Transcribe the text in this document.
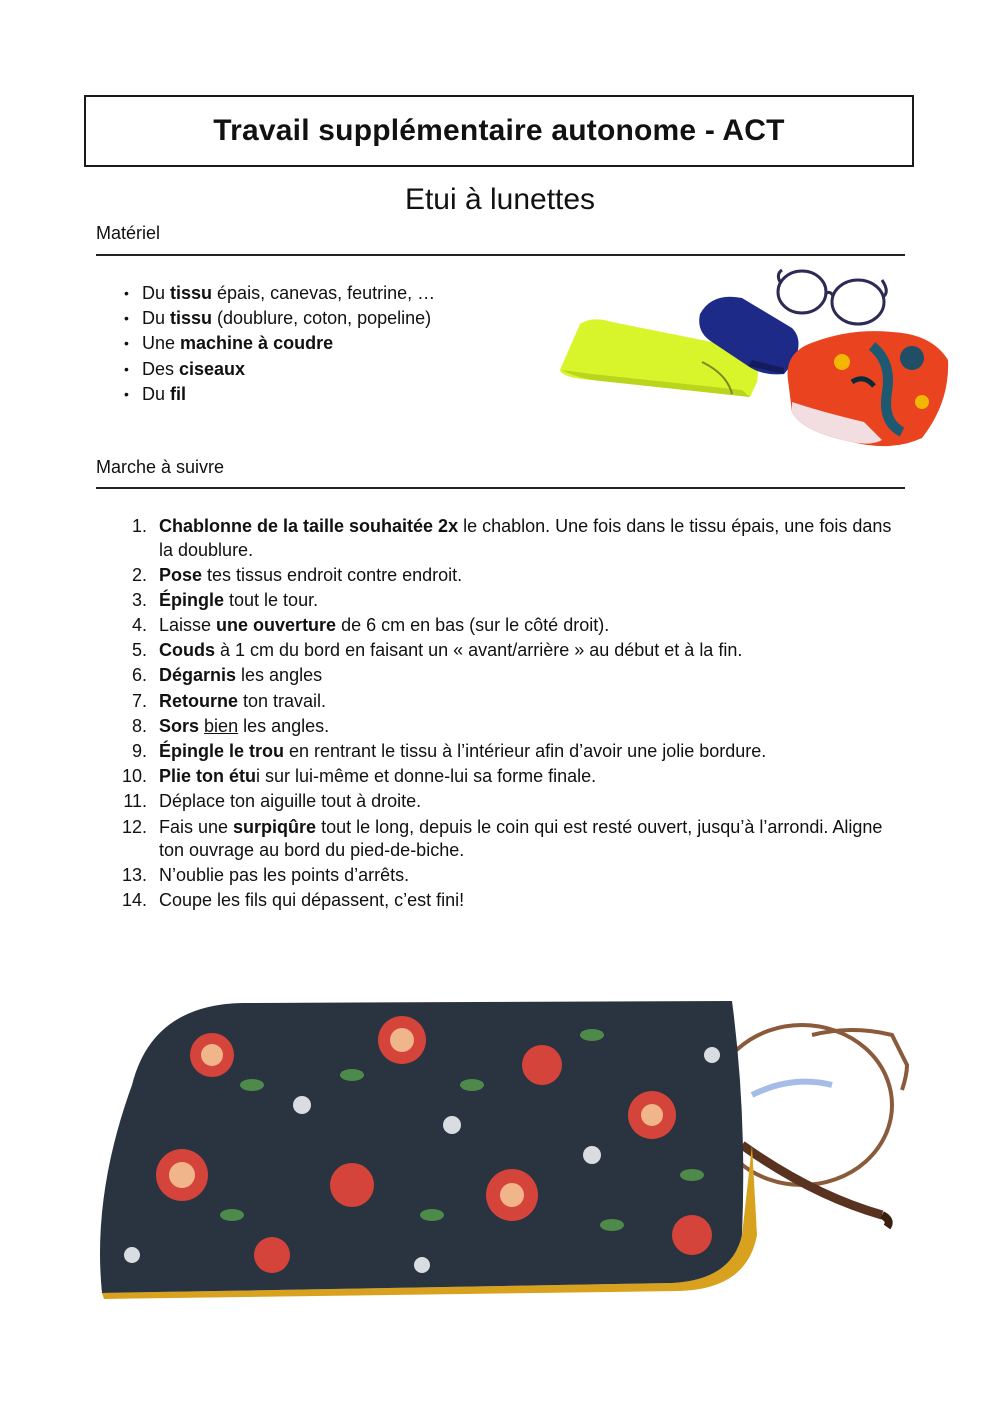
Travail supplémentaire autonome - ACT
Etui à lunettes

Matériel

• Du tissu épais, canevas, feutrine, …
• Du tissu (doublure, coton, popeline)
• Une machine à coudre
• Des ciseaux
• Du fil

Marche à suivre

1. Chablonne de la taille souhaitée 2x le chablon. Une fois dans le tissu épais, une fois dans la doublure.
2. Pose tes tissus endroit contre endroit.
3. Épingle tout le tour.
4. Laisse une ouverture de 6 cm en bas (sur le côté droit).
5. Couds à 1 cm du bord en faisant un « avant/arrière » au début et à la fin.
6. Dégarnis les angles
7. Retourne ton travail.
8. Sors bien les angles.
9. Épingle le trou en rentrant le tissu à l’intérieur afin d’avoir une jolie bordure.
10. Plie ton étui sur lui-même et donne-lui sa forme finale.
11. Déplace ton aiguille tout à droite.
12. Fais une surpiqûre tout le long, depuis le coin qui est resté ouvert, jusqu’à l’arrondi. Aligne ton ouvrage au bord du pied-de-biche.
13. N’oublie pas les points d’arrêts.
14. Coupe les fils qui dépassent, c’est fini!
